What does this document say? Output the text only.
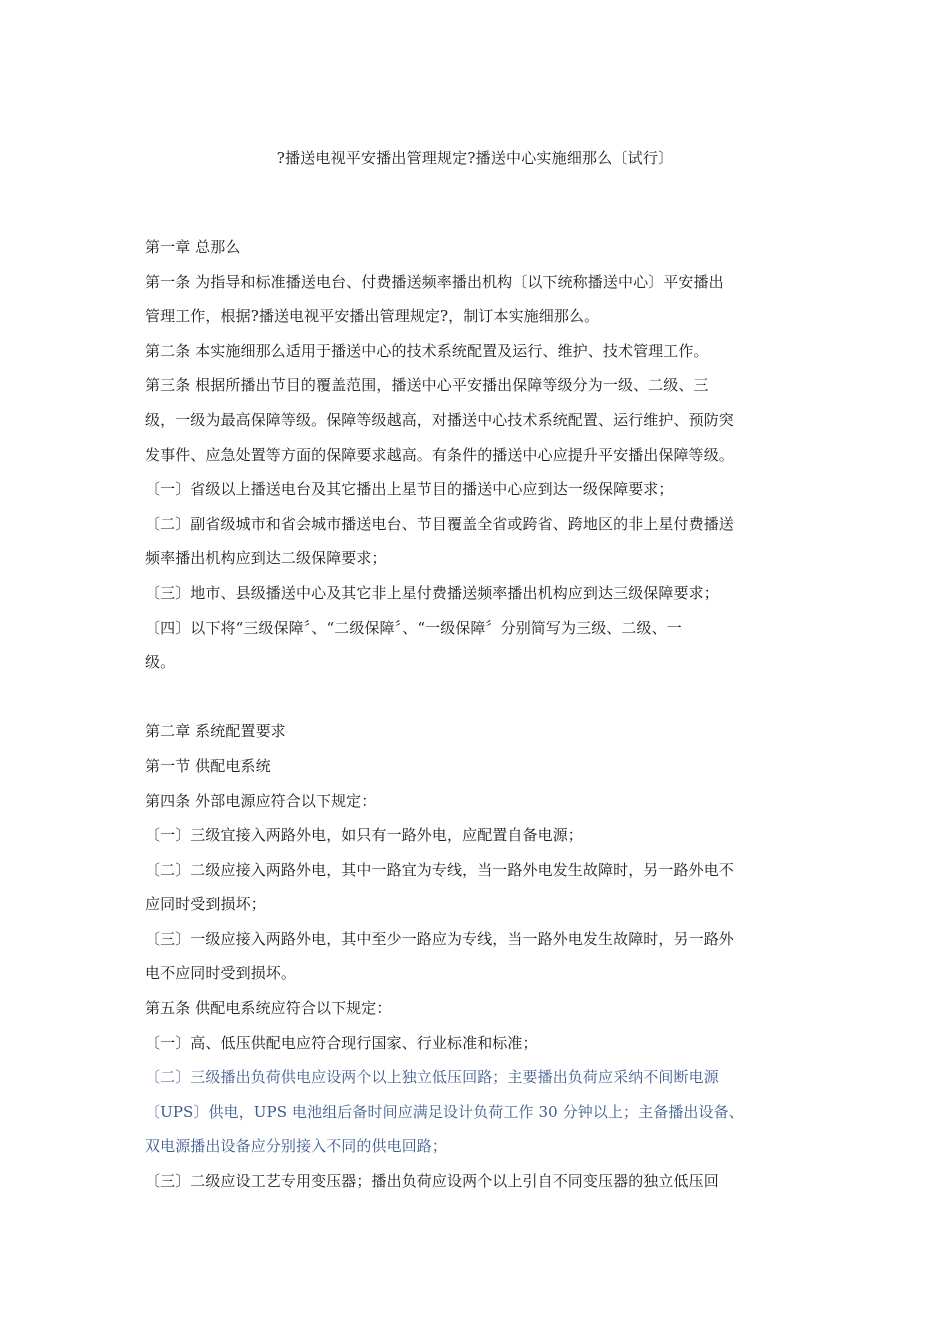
?播送电视平安播出管理规定?播送中心实施细那么〔试行〕
第一章 总那么
第一条 为指导和标准播送电台、付费播送频率播出机构〔以下统称播送中心〕平安播出
管理工作，根据?播送电视平安播出管理规定?，制订本实施细那么。
第二条 本实施细那么适用于播送中心的技术系统配置及运行、维护、技术管理工作。
第三条 根据所播出节目的覆盖范围，播送中心平安播出保障等级分为一级、二级、三
级，一级为最高保障等级。保障等级越高，对播送中心技术系统配置、运行维护、预防突
发事件、应急处置等方面的保障要求越高。有条件的播送中心应提升平安播出保障等级。
〔一〕省级以上播送电台及其它播出上星节目的播送中心应到达一级保障要求；
〔二〕副省级城市和省会城市播送电台、节目覆盖全省或跨省、跨地区的非上星付费播送
频率播出机构应到达二级保障要求；
〔三〕地市、县级播送中心及其它非上星付费播送频率播出机构应到达三级保障要求；
〔四〕以下将“三级保障〞、“二级保障〞、“一级保障〞分别简写为三级、二级、一
级。
第二章 系统配置要求
第一节 供配电系统
第四条 外部电源应符合以下规定：
〔一〕三级宜接入两路外电，如只有一路外电，应配置自备电源；
〔二〕二级应接入两路外电，其中一路宜为专线，当一路外电发生故障时，另一路外电不
应同时受到损坏；
〔三〕一级应接入两路外电，其中至少一路应为专线，当一路外电发生故障时，另一路外
电不应同时受到损坏。
第五条 供配电系统应符合以下规定：
〔一〕高、低压供配电应符合现行国家、行业标准和标准；
〔二〕三级播出负荷供电应设两个以上独立低压回路；主要播出负荷应采纳不间断电源
〔UPS〕供电，UPS 电池组后备时间应满足设计负荷工作 30 分钟以上；主备播出设备、
双电源播出设备应分别接入不同的供电回路；
〔三〕二级应设工艺专用变压器；播出负荷应设两个以上引自不同变压器的独立低压回
